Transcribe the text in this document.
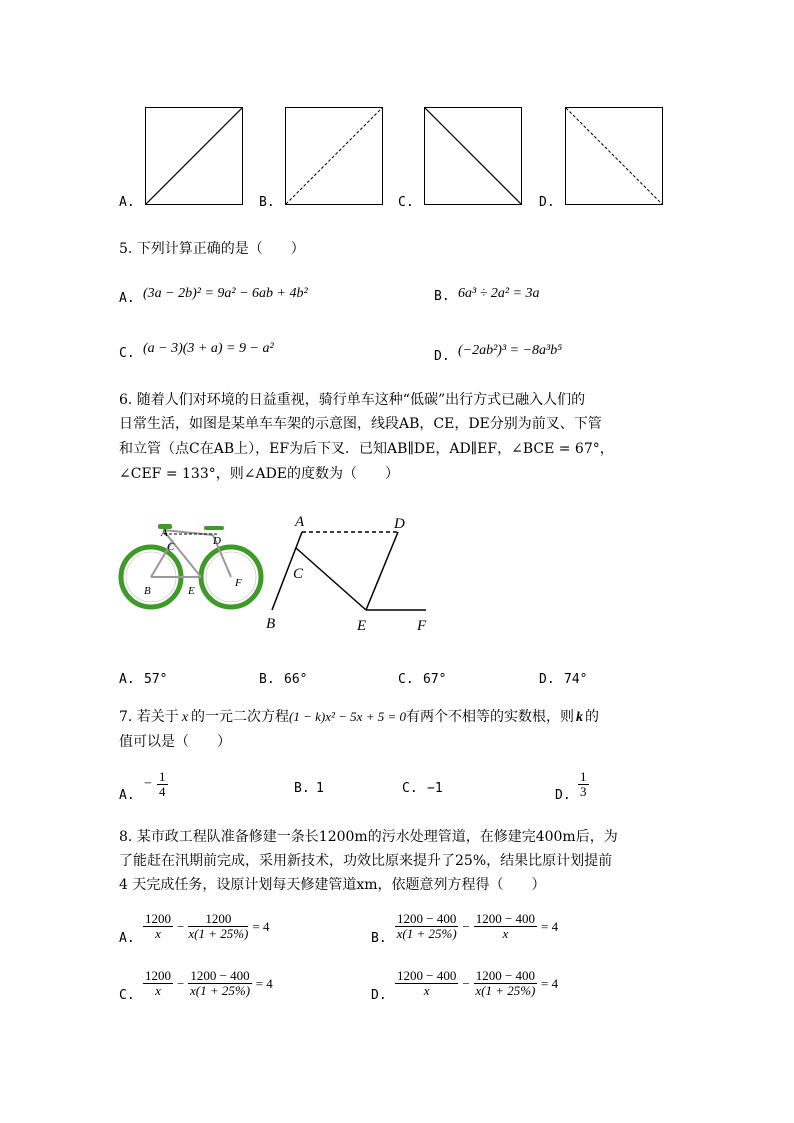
A.	B.	C.	D.
5. 下列计算正确的是（　　）
A. (3a − 2b)² = 9a² − 6ab + 4b²	B. 6a³ ÷ 2a² = 3a
C. (a − 3)(3 + a) = 9 − a²
D. (−2ab²)³ = −8a³b⁵
6. 随着人们对环境的日益重视，骑行单车这种“低碳”出行方式已融入人们的
日常生活，如图是某单车车架的示意图，线段AB，CE，DE分别为前叉、下管
和立管（点C在AB上），EF为后下叉．已知AB∥DE，AD∥EF，∠BCE = 67°，
∠CEF = 133°，则∠ADE的度数为（　　）
A
D
C
B	E
F
A	D
C
B	E	F
A. 57°	B. 66°	C. 67°	D. 74°
7. 若关于 x 的一元二次方程(1 − k)x² − 5x + 5 = 0有两个不相等的实数根，则 k 的
值可以是（　　）
A.
− $\frac{1}{4}$	B. 1	C. −1	D. $\frac{1}{3}$
8. 某市政工程队准备修建一条长1200m的污水处理管道，在修建完400m后，为
了能赶在汛期前完成，采用新技术，功效比原来提升了25%，结果比原计划提前
4 天完成任务，设原计划每天修建管道xm，依题意列方程得（　　）
A. $\frac{1200}{x} - \frac{1200}{x(1 + 25\%)} = 4$
B. $\frac{1200 - 400}{x(1 + 25\%)} - \frac{1200 - 400}{x} = 4$
C. $\frac{1200}{x} - \frac{1200 - 400}{x(1 + 25\%)} = 4$
D. $\frac{1200 - 400}{x} - \frac{1200 - 400}{x(1 + 25\%)} = 4$
